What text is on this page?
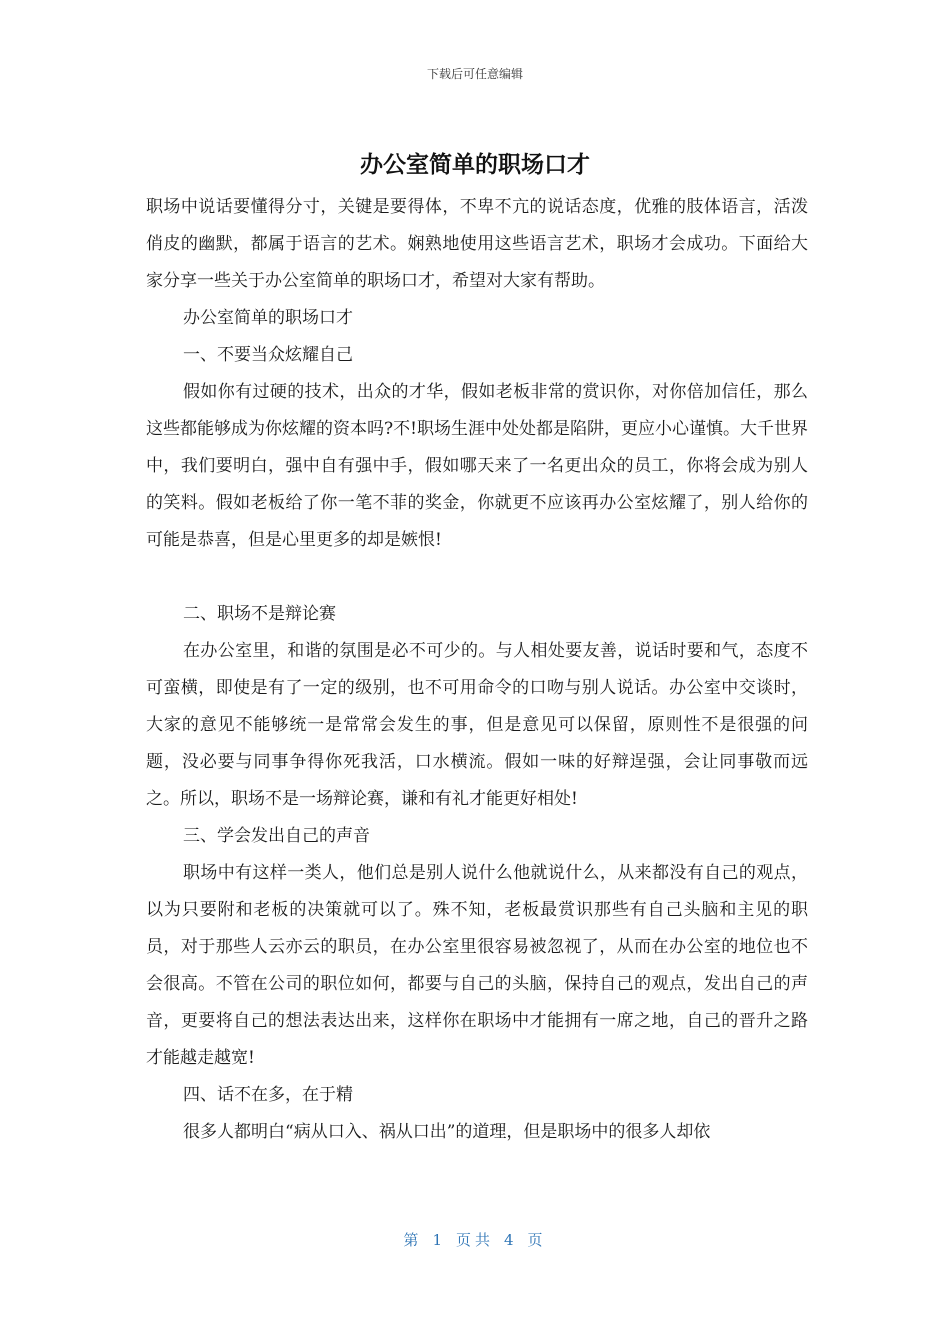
下载后可任意编辑
办公室简单的职场口才

职场中说话要懂得分寸，关键是要得体，不卑不亢的说话态度，优雅的肢体语言，活泼俏皮的幽默，都属于语言的艺术。娴熟地使用这些语言艺术，职场才会成功。下面给大家分享一些关于办公室简单的职场口才，希望对大家有帮助。

办公室简单的职场口才

一、不要当众炫耀自己

假如你有过硬的技术，出众的才华，假如老板非常的赏识你，对你倍加信任，那么这些都能够成为你炫耀的资本吗?不!职场生涯中处处都是陷阱，更应小心谨慎。大千世界中，我们要明白，强中自有强中手，假如哪天来了一名更出众的员工，你将会成为别人的笑料。假如老板给了你一笔不菲的奖金，你就更不应该再办公室炫耀了，别人给你的可能是恭喜，但是心里更多的却是嫉恨!

二、职场不是辩论赛

在办公室里，和谐的氛围是必不可少的。与人相处要友善，说话时要和气，态度不可蛮横，即使是有了一定的级别，也不可用命令的口吻与别人说话。办公室中交谈时，大家的意见不能够统一是常常会发生的事，但是意见可以保留，原则性不是很强的问题，没必要与同事争得你死我活，口水横流。假如一味的好辩逞强，会让同事敬而远之。所以，职场不是一场辩论赛，谦和有礼才能更好相处!

三、学会发出自己的声音

职场中有这样一类人，他们总是别人说什么他就说什么，从来都没有自己的观点，以为只要附和老板的决策就可以了。殊不知，老板最赏识那些有自己头脑和主见的职员，对于那些人云亦云的职员，在办公室里很容易被忽视了，从而在办公室的地位也不会很高。不管在公司的职位如何，都要与自己的头脑，保持自己的观点，发出自己的声音，更要将自己的想法表达出来，这样你在职场中才能拥有一席之地，自己的晋升之路才能越走越宽!

四、话不在多，在于精

很多人都明白“病从口入、祸从口出”的道理，但是职场中的很多人却依

第 1 页共 4 页
